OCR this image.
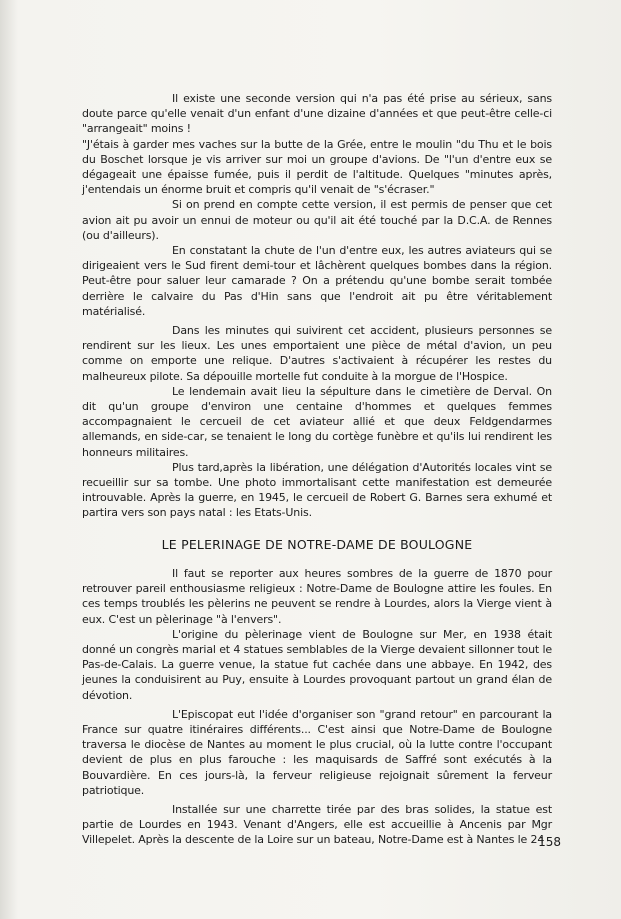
Il existe une seconde version qui n'a pas été prise au sérieux, sans doute parce qu'elle venait d'un enfant d'une dizaine d'années et que peut-être celle-ci "arrangeait" moins !

"J'étais à garder mes vaches sur la butte de la Grée, entre le moulin "du Thu et le bois du Boschet lorsque je vis arriver sur moi un groupe d'avions. De "l'un d'entre eux se dégageait une épaisse fumée, puis il perdit de l'altitude. Quelques "minutes après, j'entendais un énorme bruit et compris qu'il venait de "s'écraser."

Si on prend en compte cette version, il est permis de penser que cet avion ait pu avoir un ennui de moteur ou qu'il ait été touché par la D.C.A. de Rennes (ou d'ailleurs).

En constatant la chute de l'un d'entre eux, les autres aviateurs qui se dirigeaient vers le Sud firent demi-tour et lâchèrent quelques bombes dans la région. Peut-être pour saluer leur camarade ? On a prétendu qu'une bombe serait tombée derrière le calvaire du Pas d'Hin sans que l'endroit ait pu être véritablement matérialisé.

Dans les minutes qui suivirent cet accident, plusieurs personnes se rendirent sur les lieux. Les unes emportaient une pièce de métal d'avion, un peu comme on emporte une relique. D'autres s'activaient à récupérer les restes du malheureux pilote. Sa dépouille mortelle fut conduite à la morgue de l'Hospice.

Le lendemain avait lieu la sépulture dans le cimetière de Derval. On dit qu'un groupe d'environ une centaine d'hommes et quelques femmes accompagnaient le cercueil de cet aviateur allié et que deux Feldgendarmes allemands, en side-car, se tenaient le long du cortège funèbre et qu'ils lui rendirent les honneurs militaires.

Plus tard,après la libération, une délégation d'Autorités locales vint se recueillir sur sa tombe. Une photo immortalisant cette manifestation est demeurée introuvable. Après la guerre, en 1945, le cercueil de Robert G. Barnes sera exhumé et partira vers son pays natal : les Etats-Unis.

LE PELERINAGE DE NOTRE-DAME DE BOULOGNE

Il faut se reporter aux heures sombres de la guerre de 1870 pour retrouver pareil enthousiasme religieux : Notre-Dame de Boulogne attire les foules. En ces temps troublés les pèlerins ne peuvent se rendre à Lourdes, alors la Vierge vient à eux. C'est un pèlerinage "à l'envers".

L'origine du pèlerinage vient de Boulogne sur Mer, en 1938 était donné un congrès marial et 4 statues semblables de la Vierge devaient sillonner tout le Pas-de-Calais. La guerre venue, la statue fut cachée dans une abbaye. En 1942, des jeunes la conduisirent au Puy, ensuite à Lourdes provoquant partout un grand élan de dévotion.

L'Episcopat eut l'idée d'organiser son "grand retour" en parcourant la France sur quatre itinéraires différents... C'est ainsi que Notre-Dame de Boulogne traversa le diocèse de Nantes au moment le plus crucial, où la lutte contre l'occupant devient de plus en plus farouche : les maquisards de Saffré sont exécutés à la Bouvardière. En ces jours-là, la ferveur religieuse rejoignait sûrement la ferveur patriotique.

Installée sur une charrette tirée par des bras solides, la statue est partie de Lourdes en 1943. Venant d'Angers, elle est accueillie à Ancenis par Mgr Villepelet. Après la descente de la Loire sur un bateau, Notre-Dame est à Nantes le 24

158
